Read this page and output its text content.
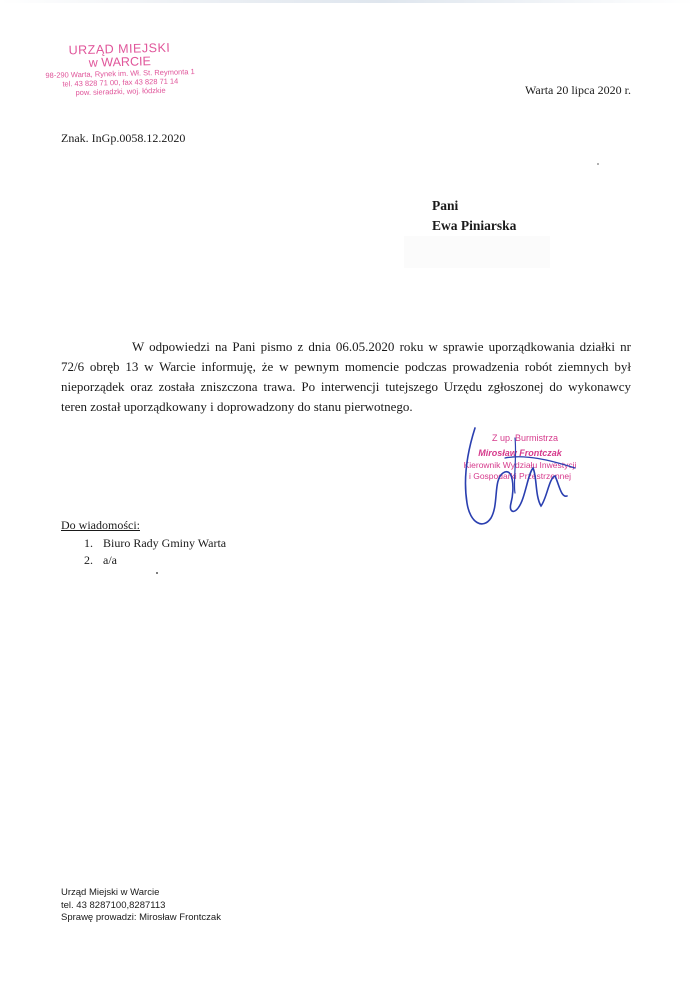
URZĄD MIEJSKI
w WARCIE
98-290 Warta, Rynek im. Wł. St. Reymonta 1
tel. 43 828 71 00, fax 43 828 71 14
pow. sieradzki, woj. łódzkie	Warta 20 lipca 2020 r.
Znak. InGp.0058.12.2020
Pani
Ewa Piniarska
W odpowiedzi na Pani pismo z dnia 06.05.2020 roku w sprawie uporządkowania działki nr 72/6 obręb 13 w Warcie informuję, że w pewnym momencie podczas prowadzenia robót ziemnych był nieporządek oraz została zniszczona trawa. Po interwencji tutejszego Urzędu zgłoszonej do wykonawcy teren został uporządkowany i doprowadzony do stanu pierwotnego.
Z up. Burmistrza
Mirosław Frontczak
Kierownik Wydziału Inwestycji
i Gospodarki Przestrzennej
Do wiadomości:
1. Biuro Rady Gminy Warta
2. a/a
Urząd Miejski w Warcie
tel. 43 8287100,8287113
Sprawę prowadzi: Mirosław Frontczak
